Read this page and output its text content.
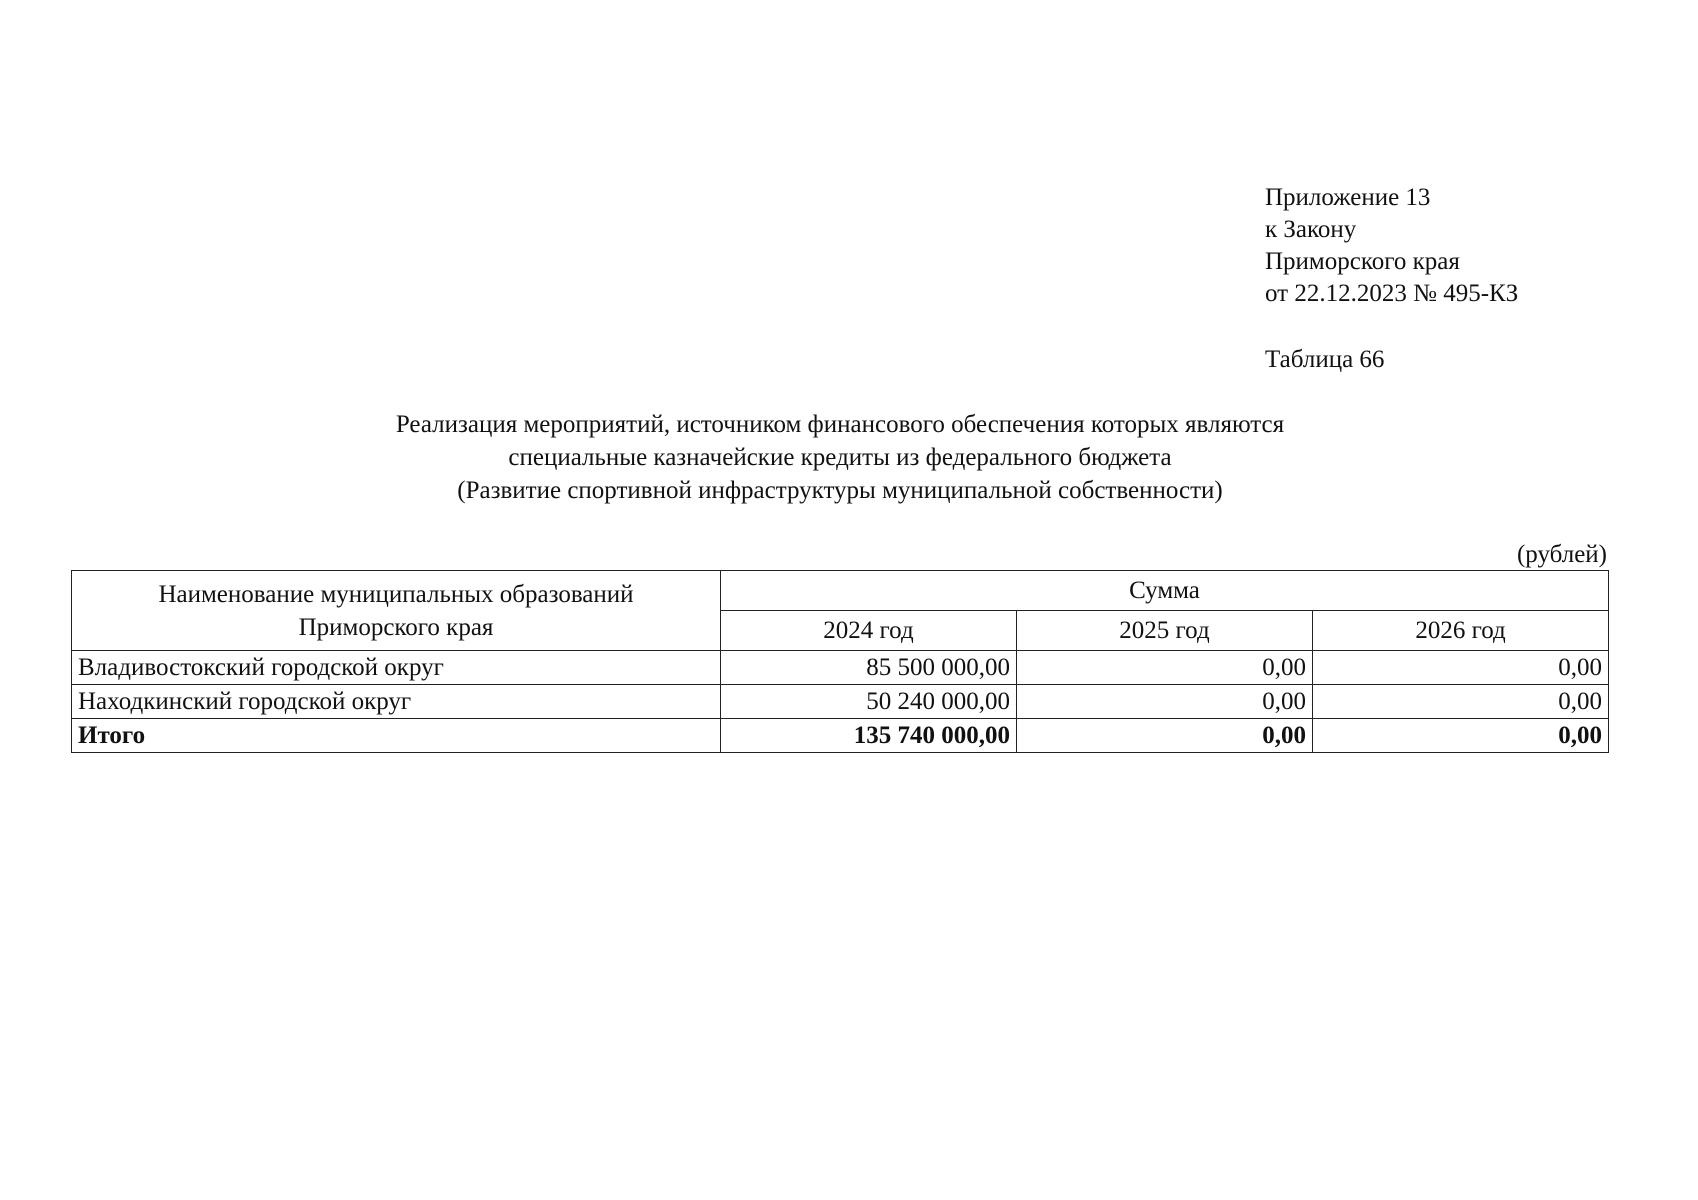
Приложение 13
к Закону
Приморского края
от 22.12.2023 № 495-КЗ
Таблица 66
Реализация мероприятий, источником финансового обеспечения которых являются
специальные казначейские кредиты из федерального бюджета
(Развитие спортивной инфраструктуры муниципальной собственности)
(рублей)
Наименование муниципальных образований
Приморского края	Сумма		
	2024 год	2025 год	2026 год
Владивостокский городской округ	85 500 000,00	0,00	0,00
Находкинский городской округ	50 240 000,00	0,00	0,00
Итого	135 740 000,00	0,00	0,00
